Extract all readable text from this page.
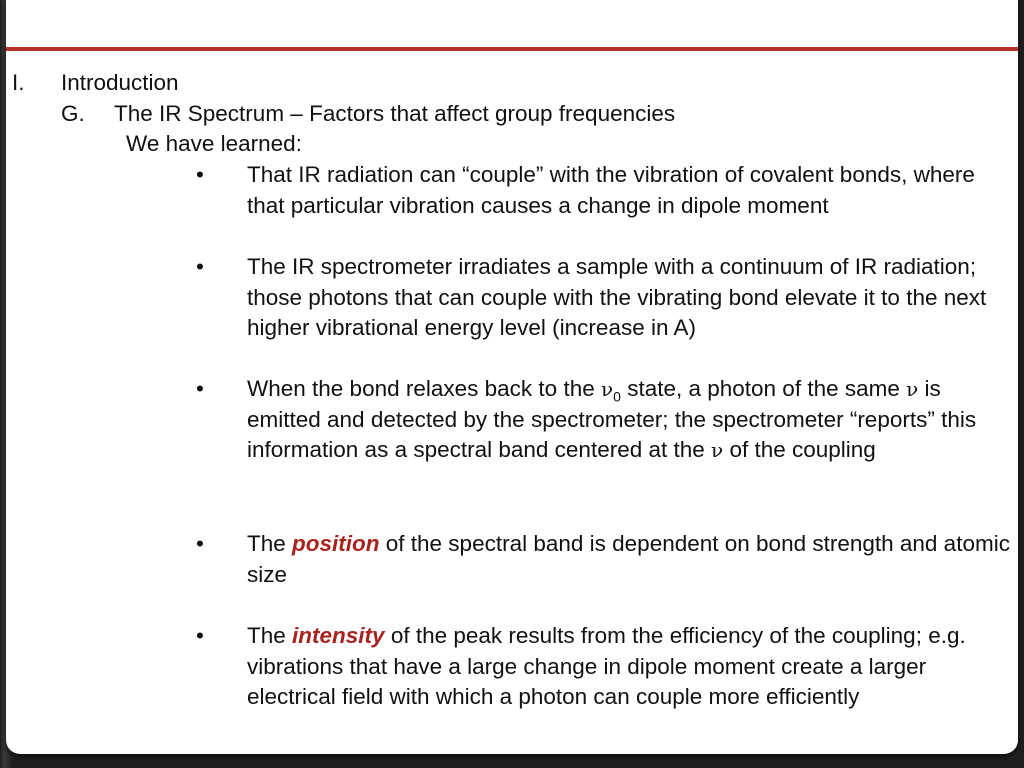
I. Introduction
G. The IR Spectrum – Factors that affect group frequencies
We have learned:
• That IR radiation can “couple” with the vibration of covalent bonds, where that particular vibration causes a change in dipole moment
• The IR spectrometer irradiates a sample with a continuum of IR radiation; those photons that can couple with the vibrating bond elevate it to the next higher vibrational energy level (increase in A)
• When the bond relaxes back to the $\nu_0$ state, a photon of the same ν is emitted and detected by the spectrometer; the spectrometer “reports” this information as a spectral band centered at the ν of the coupling
• The position of the spectral band is dependent on bond strength and atomic size
• The intensity of the peak results from the efficiency of the coupling; e.g. vibrations that have a large change in dipole moment create a larger electrical field with which a photon can couple more efficiently
